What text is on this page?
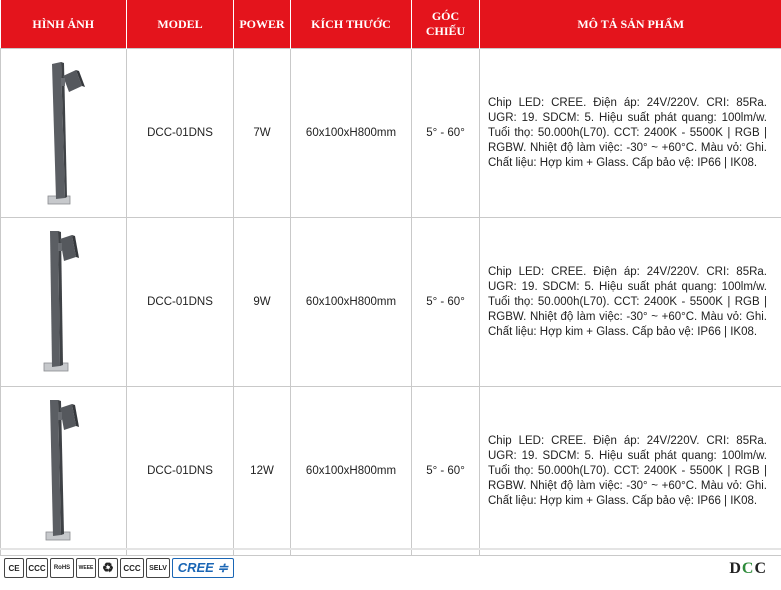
HÌNH ẢNH	MODEL	POWER	KÍCH THƯỚC	GÓC CHIẾU	MÔ TẢ SẢN PHẨM

	DCC-01DNS	7W	60x100xH800mm	5° - 60°	Chip LED: CREE. Điện áp: 24V/220V. CRI: 85Ra. UGR: 19. SDCM: 5. Hiệu suất phát quang: 100lm/w. Tuổi thọ: 50.000h(L70). CCT: 2400K - 5500K | RGB | RGBW. Nhiệt độ làm việc: -30° ~ +60°C. Màu vỏ: Ghi. Chất liệu: Hợp kim + Glass. Cấp bảo vệ: IP66 | IK08.

	DCC-01DNS	9W	60x100xH800mm	5° - 60°	Chip LED: CREE. Điện áp: 24V/220V. CRI: 85Ra. UGR: 19. SDCM: 5. Hiệu suất phát quang: 100lm/w. Tuổi thọ: 50.000h(L70). CCT: 2400K - 5500K | RGB | RGBW. Nhiệt độ làm việc: -30° ~ +60°C. Màu vỏ: Ghi. Chất liệu: Hợp kim + Glass. Cấp bảo vệ: IP66 | IK08.

	DCC-01DNS	12W	60x100xH800mm	5° - 60°	Chip LED: CREE. Điện áp: 24V/220V. CRI: 85Ra. UGR: 19. SDCM: 5. Hiệu suất phát quang: 100lm/w. Tuổi thọ: 50.000h(L70). CCT: 2400K - 5500K | RGB | RGBW. Nhiệt độ làm việc: -30° ~ +60°C. Màu vỏ: Ghi. Chất liệu: Hợp kim + Glass. Cấp bảo vệ: IP66 | IK08.
CE	CCC	RoHS	WEEE ♻	CCC	SELV CREE ≑	DCC
